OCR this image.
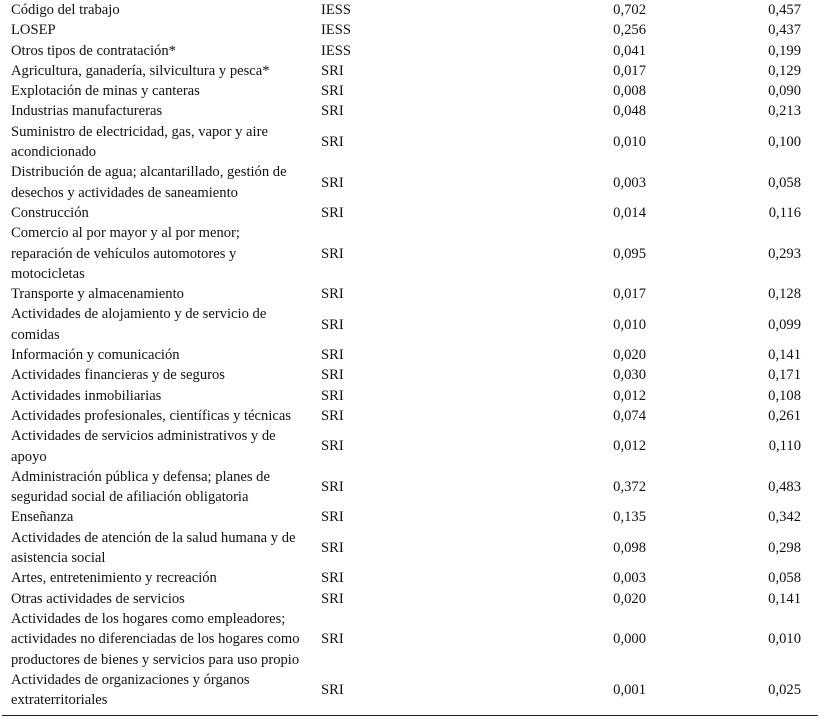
Código del trabajo	IESS	0,702	0,457
LOSEP	IESS	0,256	0,437
Otros tipos de contratación*	IESS	0,041	0,199
Agricultura, ganadería, silvicultura y pesca*	SRI	0,017	0,129
Explotación de minas y canteras	SRI	0,008	0,090
Industrias manufactureras	SRI	0,048	0,213
Suministro de electricidad, gas, vapor y aire
acondicionado
SRI	0,010	0,100
Distribución de agua; alcantarillado, gestión de
desechos y actividades de saneamiento
SRI	0,003	0,058
Construcción	SRI	0,014	0,116
Comercio al por mayor y al por menor;
reparación de vehículos automotores y
motocicletas
SRI	0,095	0,293
Transporte y almacenamiento	SRI	0,017	0,128
Actividades de alojamiento y de servicio de
comidas
SRI	0,010	0,099
Información y comunicación	SRI	0,020	0,141
Actividades financieras y de seguros	SRI	0,030	0,171
Actividades inmobiliarias	SRI	0,012	0,108
Actividades profesionales, científicas y técnicas	SRI	0,074	0,261
Actividades de servicios administrativos y de
apoyo
SRI	0,012	0,110
Administración pública y defensa; planes de
seguridad social de afiliación obligatoria
SRI	0,372	0,483
Enseñanza	SRI	0,135	0,342
Actividades de atención de la salud humana y de
asistencia social
SRI	0,098	0,298
Artes, entretenimiento y recreación	SRI	0,003	0,058
Otras actividades de servicios	SRI	0,020	0,141
Actividades de los hogares como empleadores;
actividades no diferenciadas de los hogares como
productores de bienes y servicios para uso propio
SRI	0,000	0,010
Actividades de organizaciones y órganos
extraterritoriales
SRI	0,001	0,025
